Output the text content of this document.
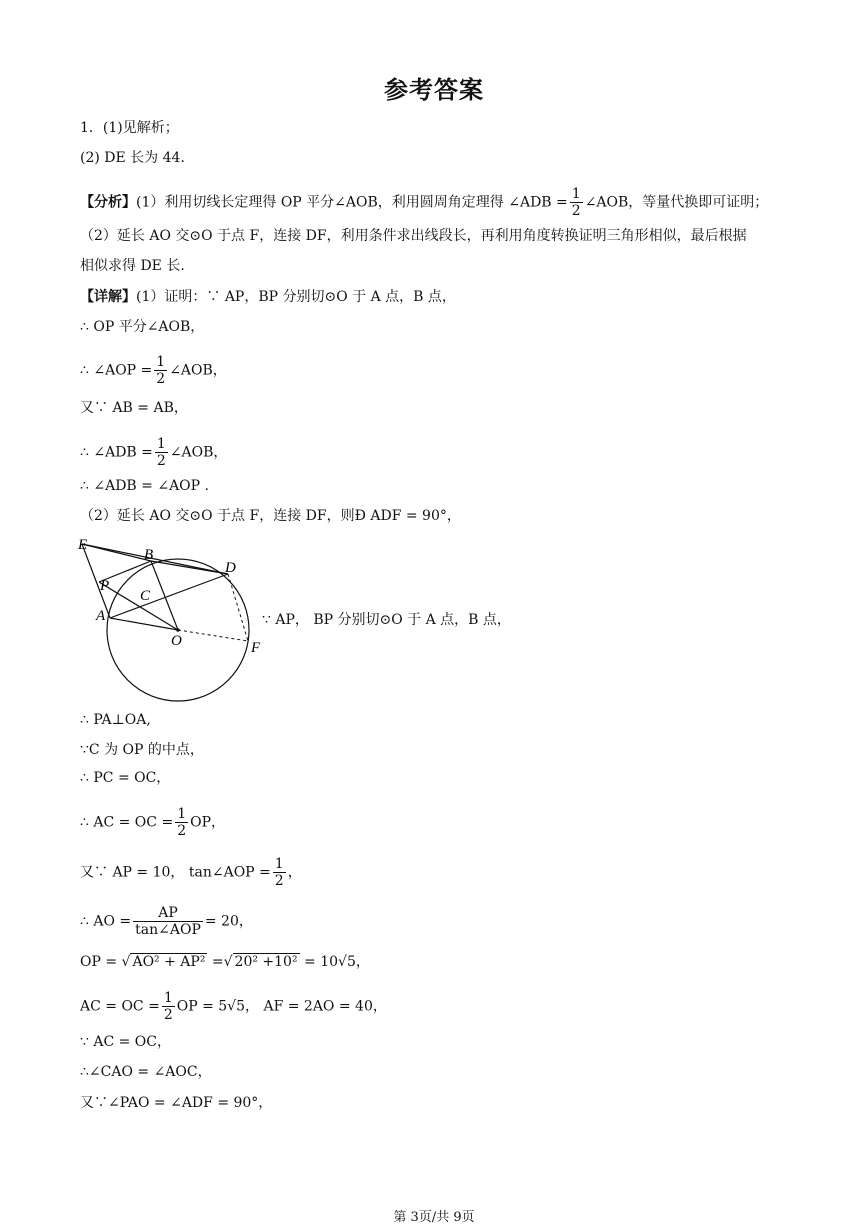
参考答案
1．(1)见解析；
(2) DE 长为 44．
【分析】(1）利用切线长定理得 OP 平分∠AOB，利用圆周角定理得 ∠ADB = $\frac{1}{2}$ ∠AOB，等量代换即可证明；
（2）延长 AO 交⊙O 于点 F，连接 DF，利用条件求出线段长，再利用角度转换证明三角形相似，最后根据
相似求得 DE 长.
【详解】(1）证明：∵ AP，BP 分别切⊙O 于 A 点，B 点，
∴ OP 平分∠AOB，
∴ ∠AOP = $\frac{1}{2}$ ∠AOB，
又∵ AB = AB，
∴ ∠ADB = $\frac{1}{2}$ ∠AOB，
∴ ∠ADB = ∠AOP .
（2）延长 AO 交⊙O 于点 F，连接 DF，则Ð ADF = 90°，
E
B
D
P
C
A
O	F
∵ AP， BP 分别切⊙O 于 A 点，B 点，
∴ PA⊥OA,
∵C 为 OP 的中点，
∴ PC = OC，
∴ AC = OC = $\frac{1}{2}$ OP，
又∵ AP = 10， tan∠AOP = $\frac{1}{2}$ ，
∴ AO = $\frac{AP}{\text{tan∠AOP}} = 20$，
OP = √ AO² + AP² =√ 20² +10² = 10√5，
AC = OC = $\frac{1}{2}$ OP = 5√5， AF = 2AO = 40，
∵ AC = OC，
∴∠CAO = ∠AOC，
又∵∠PAO = ∠ADF = 90°，
第 3页/共 9页
